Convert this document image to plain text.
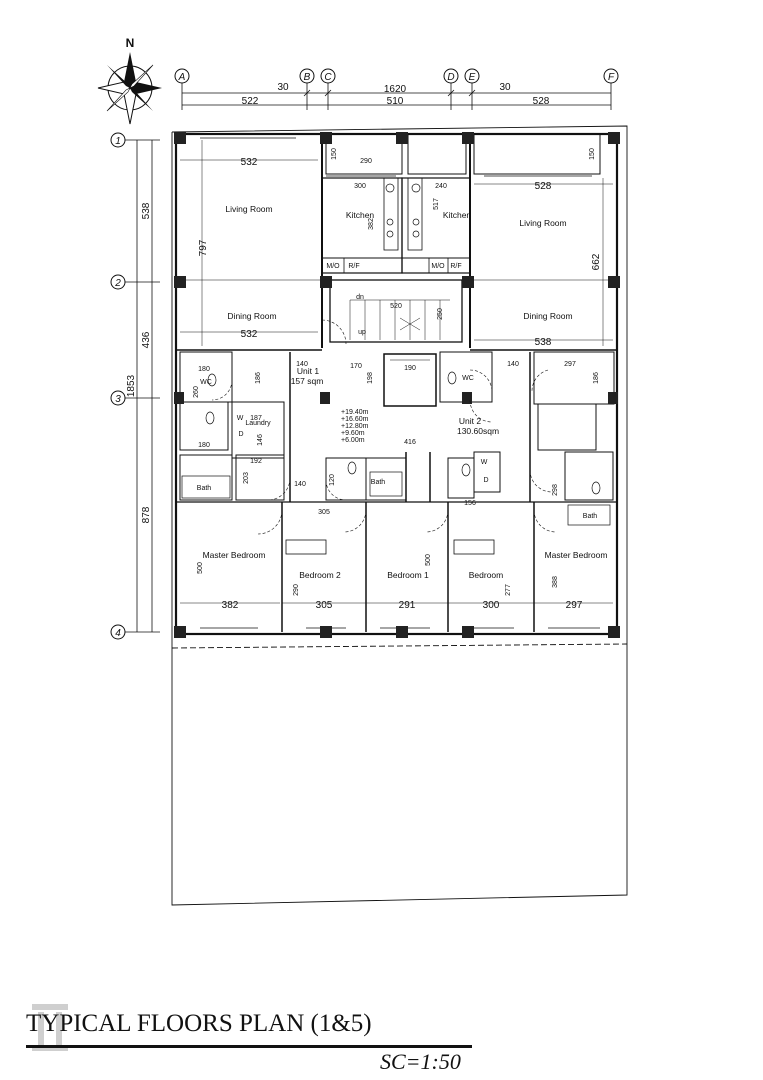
N
A	B C	D E	F
1620
30	30
522	510	528
1
2
3
4
1853
538
436
878
Living Room
Living Room
Kitchen	Kitchen
Dining Room	Dining Room
Master Bedroom	Master Bedroom
Bedroom 2	Bedroom 1	Bedroom
Bath
Bath
Bath
WC
WC
Laundry
Unit 1
157 sqm
Unit 2
130.60sqm
M/O R/F	M/O R/F
W
D
W
D
dn
up
532
532
528
538
797
662
300	240
517
382
290
150	150
520
250
140	140
140
170	190
198
180
180
186	186
297
297
416
382	305
305
291	300
500
500
290	277
388
192
203
298
187
146
260
120
156
+19.40m
+16.60m
+12.80m
+9.60m
+6.00m
TYPICAL FLOORS PLAN (1&5)
SC=1:50
